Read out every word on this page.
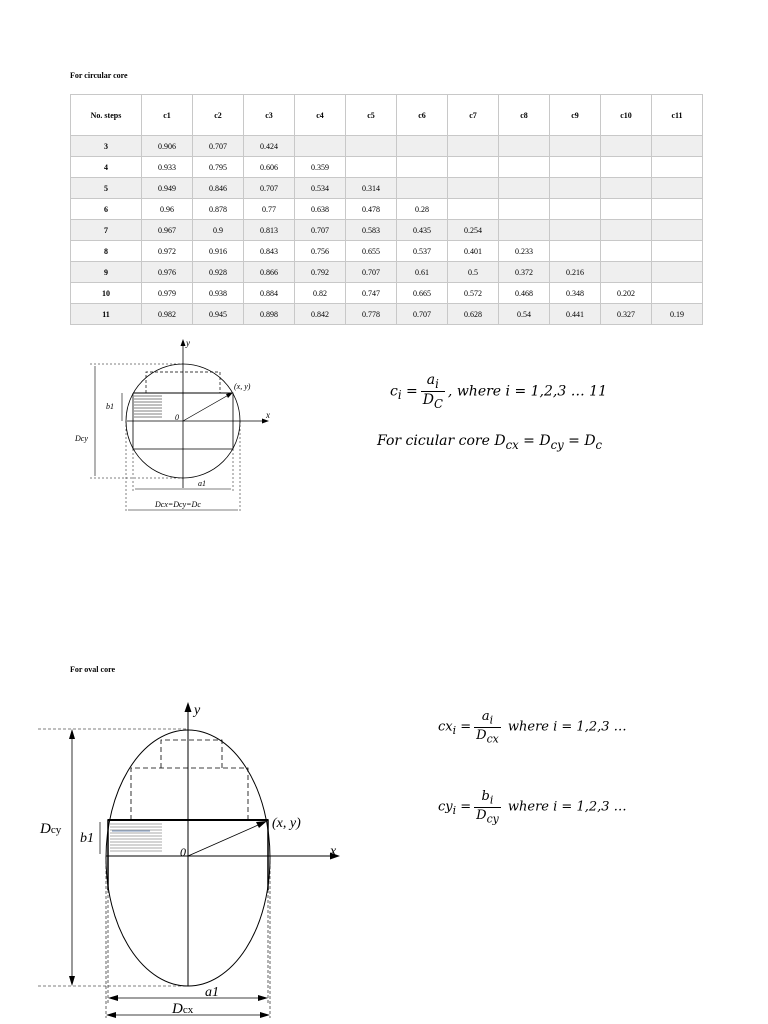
For circular core
No. steps	c1	c2	c3	c4	c5	c6	c7	c8	c9	c10	c11
3	0.906	0.707	0.424								
4	0.933	0.795	0.606	0.359							
5	0.949	0.846	0.707	0.534	0.314						
6	0.96	0.878	0.77	0.638	0.478	0.28					
7	0.967	0.9	0.813	0.707	0.583	0.435	0.254				
8	0.972	0.916	0.843	0.756	0.655	0.537	0.401	0.233			
9	0.976	0.928	0.866	0.792	0.707	0.61	0.5	0.372	0.216		
10	0.979	0.938	0.884	0.82	0.747	0.665	0.572	0.468	0.348	0.202	
11	0.982	0.945	0.898	0.842	0.778	0.707	0.628	0.54	0.441	0.327	0.19
y
x
(x, y)
0
Dcy
b1
a1
Dcx=Dcy=Dc
$c_i = \frac{a_i}{D_C}$ , where i = 1,2,3 … 11
For cicular core $D_{cx} = D_{cy} = D_c$
For oval core
y
x
(x, y)
0
Dcy
b1
a1
Dcx
$cx_i = \frac{a_i}{D_{cx}}$ where i = 1,2,3 …
$cy_i = \frac{b_i}{D_{cy}}$ where i = 1,2,3 …
